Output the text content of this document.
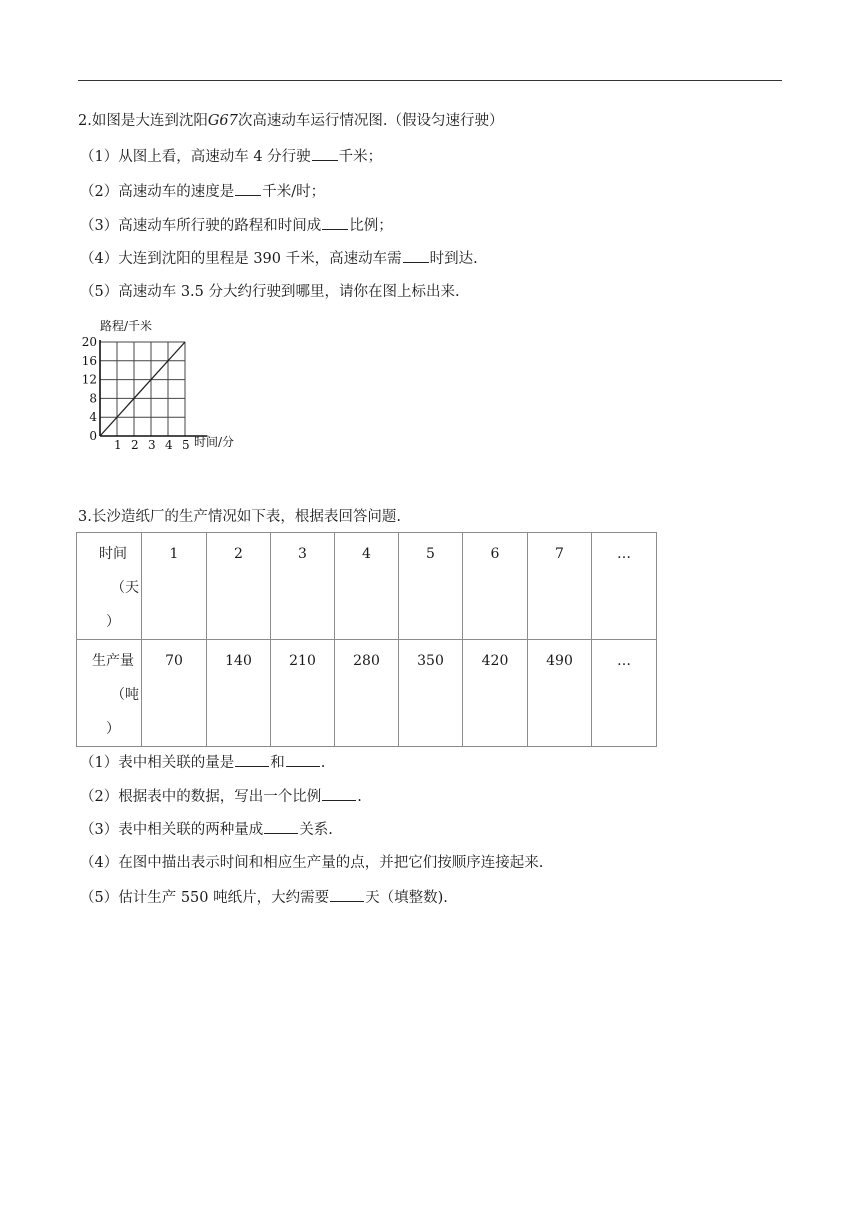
2.如图是大连到沈阳G67次高速动车运行情况图.（假设匀速行驶）
（1）从图上看，高速动车 4 分行驶 千米；
（2）高速动车的速度是 千米/时；
（3）高速动车所行驶的路程和时间成 比例；
（4）大连到沈阳的里程是 390 千米，高速动车需 时到达.
（5）高速动车 3.5 分大约行驶到哪里，请你在图上标出来.
1 2 3 4 5
0
4
8
12
16
20
路程/千米
时间/分
3.长沙造纸厂的生产情况如下表，根据表回答问题.
时间
（天
）	1	2	3	4	5	6	7	…

生产量
（吨
）	70	140	210	280	350	420	490	…
（1）表中相关联的量是 和 .
（2）根据表中的数据，写出一个比例 .
（3）表中相关联的两种量成 关系.
（4）在图中描出表示时间和相应生产量的点，并把它们按顺序连接起来.
（5）估计生产 550 吨纸片，大约需要 天（填整数).
